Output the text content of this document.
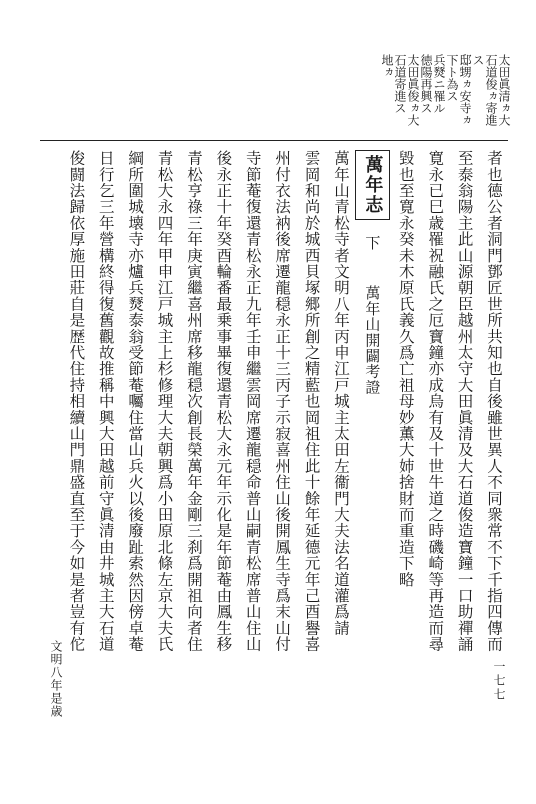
太田眞清ヵ大石道俊ヵ寄進ス
邸甥ヵ安寺ヵ下ト為ス
兵燹ニ罹ル 徳陽再興ス
太田眞俊ヵ大石道寄進ス 地ヵ
者也德公者洞門鄧匠世所共知也自後雖世異人不同衆常不下千指四傳而
至泰翁陽主此山源朝臣越州太守大田眞清及大石道俊造寶鐘一口助禪誦
寛永已巳歳罹祝融氏之厄寶鐘亦成烏有及十世牛道之時磯崎等再造而尋
毀也至寛永癸未木原氏義久爲亡祖母妙薫大姉捨財而重造下略
萬年志 下 萬年山開闢考證
萬年山青松寺者文明八年丙申江戸城主太田左衞門大夫法名道灌爲請
雲岡和尚於城西貝塚郷所創之精藍也岡祖住此十餘年延德元年己酉譽喜
州付衣法衲後席遷龍穏永正十三丙子示寂喜州住山後開鳳生寺爲末山付
寺節菴復還青松永正九年壬申繼雲岡席遷龍穏命普山嗣青松席普山住山
後永正十年癸酉輪番最乗事畢復還青松大永元年示化是年節菴由鳳生移
青松亨祿三年庚寅繼喜州席移龍穏次創長榮萬年金剛三刹爲開祖向者住
青松大永四年甲申江戸城主上杉修理大夫朝興爲小田原北條左京大夫氏
綱所圍城壊寺亦爐兵燹泰翁受節菴囑住當山兵火以後廢趾索然因傍卓菴
日行乞三年營構終得復舊觀故推稱中興大田越前守眞清由井城主大石道
俊闘法歸依厚施田莊自是歴代住持相續山門鼎盛直至于今如是者豈有佗
文明八年是歳	一七七
